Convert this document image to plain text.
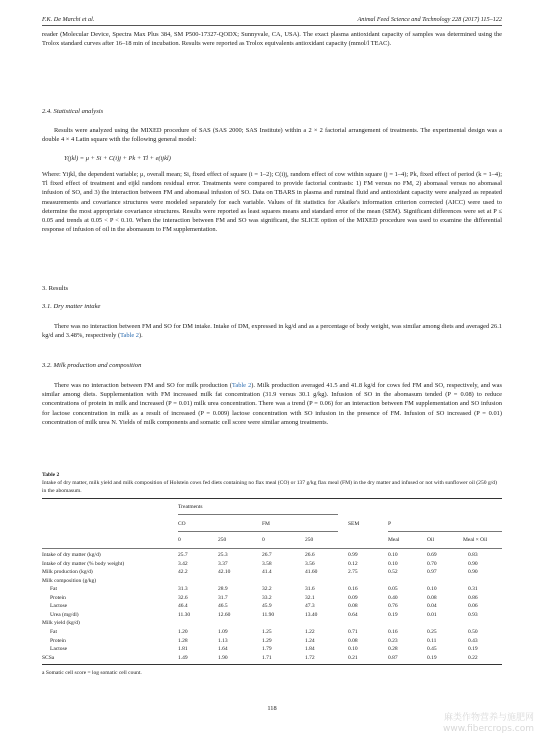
F.K. De Marchi et al.	Animal Feed Science and Technology 228 (2017) 115–122

reader (Molecular Device, Spectra Max Plus 384, SM P500-17327-QODX; Sunnyvale, CA, USA). The exact plasma antioxidant capacity of samples was determined using the Trolox standard curves after 16–18 min of incubation. Results were reported as Trolox equivalents antioxidant capacity (mmol/l TEAC).

2.4. Statistical analysis

Results were analyzed using the MIXED procedure of SAS (SAS 2000; SAS Institute) within a 2 × 2 factorial arrangement of treatments. The experimental design was a double 4 × 4 Latin square with the following general model:

Y(jkl) = μ + Si + C(i)j + Pk + Tl + e(ijkl)

Where: Yijkl, the dependent variable; μ, overall mean; Si, fixed effect of square (i = 1–2); C(i)j, random effect of cow within square (j = 1–4); Pk, fixed effect of period (k = 1–4); Tl fixed effect of treatment and eijkl random residual error. Treatments were compared to provide factorial contrasts: 1) FM versus no FM, 2) abomasal versus no abomasal infusion of SO, and 3) the interaction between FM and abomasal infusion of SO. Data on TBARS in plasma and ruminal fluid and antioxidant capacity were analyzed as repeated measurements and covariance structures were modeled separately for each variable. Values of fit statistics for Akaike's information criterion corrected (AICC) were used to determine the most appropriate covariance structures. Results were reported as least squares means and standard error of the mean (SEM). Significant differences were set at P ≤ 0.05 and trends at 0.05 < P < 0.10. When the interaction between FM and SO was significant, the SLICE option of the MIXED procedure was used to examine the differential response of infusion of oil in the abomasum to FM supplementation.

3. Results

3.1. Dry matter intake

There was no interaction between FM and SO for DM intake. Intake of DM, expressed in kg/d and as a percentage of body weight, was similar among diets and averaged 26.1 kg/d and 3.48%, respectively (Table 2).

3.2. Milk production and composition

There was no interaction between FM and SO for milk production (Table 2). Milk production averaged 41.5 and 41.8 kg/d for cows fed FM and SO, respectively, and was similar among diets. Supplementation with FM increased milk fat concentration (31.9 versus 30.1 g/kg). Infusion of SO in the abomasum tended (P = 0.08) to reduce concentrations of protein in milk and increased (P = 0.01) milk urea concentration. There was a trend (P = 0.06) for an interaction between FM supplementation and SO infusion for lactose concentration in milk as a result of increased (P = 0.009) lactose concentration with SO infusion in the presence of FM. Infusion of SO increased (P = 0.01) concentration of milk urea N. Yields of milk components and somatic cell score were similar among treatments.

Table 2
Intake of dry matter, milk yield and milk composition of Holstein cows fed diets containing no flax meal (CO) or 137 g/kg flax meal (FM) in the dry matter and infused or not with sunflower oil (250 g/d) in the abomasum.

Treatments
CO	FM	SEM	P
0	250	0	250	Meal	Oil	Meal × Oil
Intake of dry matter (kg/d)	25.7	25.3	26.7	26.6	0.99	0.10	0.69	0.83
Intake of dry matter (% body weight)	3.42	3.37	3.58	3.56	0.12	0.10	0.70	0.90
Milk production (kg/d)	42.2	42.10	41.4	41.60	2.75	0.52	0.97	0.90
Milk composition (g/kg)
Fat	31.3	28.9	32.2	31.6	0.16	0.05	0.10	0.31
Protein	32.6	31.7	33.2	32.1	0.09	0.40	0.08	0.86
Lactose	46.4	46.5	45.9	47.3	0.08	0.76	0.04	0.06
Urea (mg/dl)	11.30	12.60	11.90	13.40	0.64	0.19	0.01	0.93
Milk yield (kg/d)
Fat	1.20	1.09	1.25	1.22	0.71	0.16	0.25	0.50
Protein	1.28	1.13	1.29	1.24	0.08	0.23	0.11	0.43
Lactose	1.81	1.64	1.79	1.84	0.10	0.28	0.45	0.19
SCSa	1.49	1.90	1.71	1.72	0.21	0.87	0.19	0.22
a Somatic cell score = log somatic cell count.
118
麻类作物营养与施肥网
www.fibercrops.com
